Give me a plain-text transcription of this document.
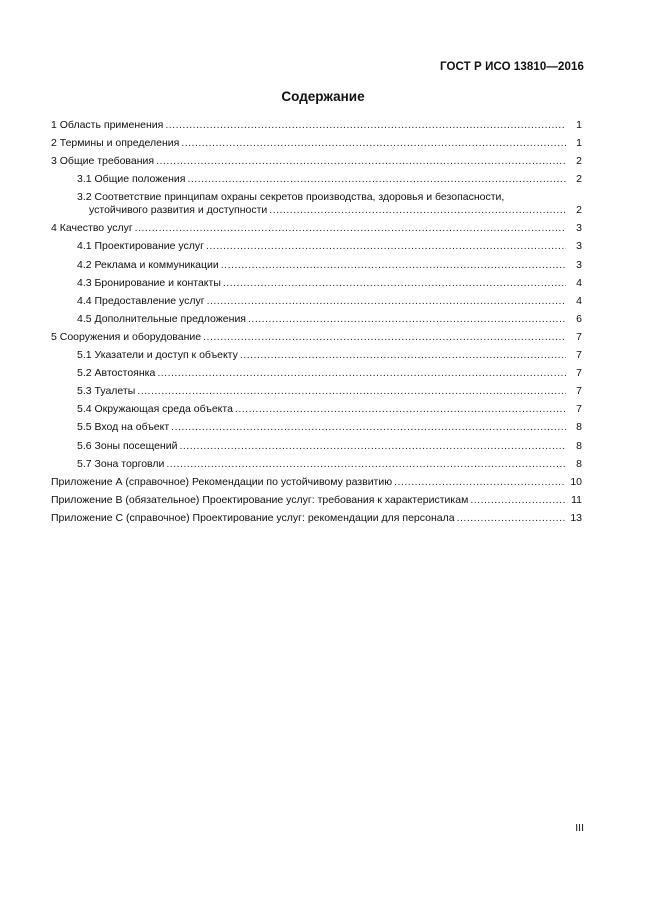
ГОСТ Р ИСО 13810—2016
Содержание
1 Область применения .....	1
2 Термины и определения .....	1
3 Общие требования .....	2
3.1 Общие положения .....	2
3.2 Соответствие принципам охраны секретов производства, здоровья и безопасности,
устойчивого развития и доступности .....	2
4 Качество услуг .....	3
4.1 Проектирование услуг .....	3
4.2 Реклама и коммуникации .....	3
4.3 Бронирование и контакты .....	4
4.4 Предоставление услуг .....	4
4.5 Дополнительные предложения .....	6
5 Сооружения и оборудование .....	7
5.1 Указатели и доступ к объекту .....	7
5.2 Автостоянка .....	7
5.3 Туалеты .....	7
5.4 Окружающая среда объекта .....	7
5.5 Вход на объект .....	8
5.6 Зоны посещений .....	8
5.7 Зона торговли .....	8
Приложение А (справочное) Рекомендации по устойчивому развитию .....	10
Приложение В (обязательное) Проектирование услуг: требования к характеристикам .....	11
Приложение С (справочное) Проектирование услуг: рекомендации для персонала .....	13
III
